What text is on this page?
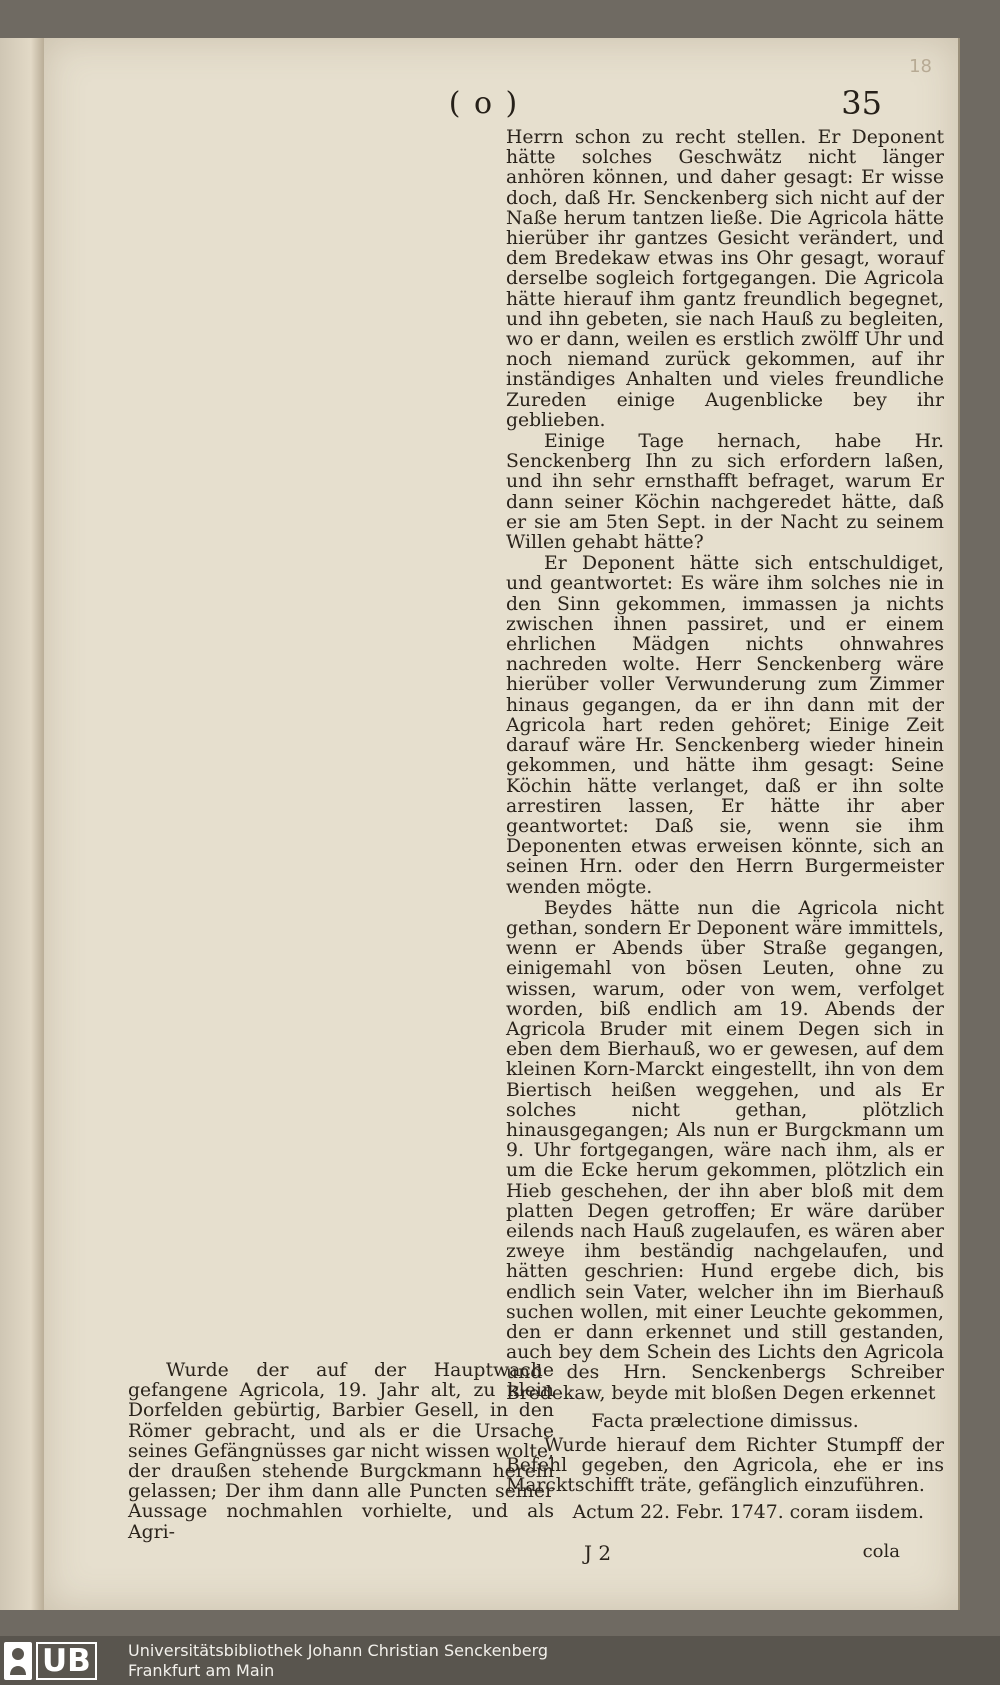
18
( o )	35

Herrn schon zu recht stellen. Er Deponent hätte solches Geschwätz nicht länger anhören können, und daher gesagt: Er wisse doch, daß Hr. Senckenberg sich nicht auf der Naße herum tantzen ließe. Die Agricola hätte hierüber ihr gantzes Gesicht verändert, und dem Bredekaw etwas ins Ohr gesagt, worauf derselbe sogleich fortgegangen. Die Agricola hätte hierauf ihm gantz freundlich begegnet, und ihn gebeten, sie nach Hauß zu begleiten, wo er dann, weilen es erstlich zwölff Uhr und noch niemand zurück gekommen, auf ihr inständiges Anhalten und vieles freundliche Zureden einige Augenblicke bey ihr geblieben.

Einige Tage hernach, habe Hr. Senckenberg Ihn zu sich erfordern laßen, und ihn sehr ernsthafft befraget, warum Er dann seiner Köchin nachgeredet hätte, daß er sie am 5ten Sept. in der Nacht zu seinem Willen gehabt hätte?

Er Deponent hätte sich entschuldiget, und geantwortet: Es wäre ihm solches nie in den Sinn gekommen, immassen ja nichts zwischen ihnen passiret, und er einem ehrlichen Mädgen nichts ohnwahres nachreden wolte. Herr Senckenberg wäre hierüber voller Verwunderung zum Zimmer hinaus gegangen, da er ihn dann mit der Agricola hart reden gehöret; Einige Zeit darauf wäre Hr. Senckenberg wieder hinein gekommen, und hätte ihm gesagt: Seine Köchin hätte verlanget, daß er ihn solte arrestiren lassen, Er hätte ihr aber geantwortet: Daß sie, wenn sie ihm Deponenten etwas erweisen könnte, sich an seinen Hrn. oder den Herrn Burgermeister wenden mögte.

Beydes hätte nun die Agricola nicht gethan, sondern Er Deponent wäre immittels, wenn er Abends über Straße gegangen, einigemahl von bösen Leuten, ohne zu wissen, warum, oder von wem, verfolget worden, biß endlich am 19. Abends der Agricola Bruder mit einem Degen sich in eben dem Bierhauß, wo er gewesen, auf dem kleinen Korn-Marckt eingestellt, ihn von dem Biertisch heißen weggehen, und als Er solches nicht gethan, plötzlich hinausgegangen; Als nun er Burgckmann um 9. Uhr fortgegangen, wäre nach ihm, als er um die Ecke herum gekommen, plötzlich ein Hieb geschehen, der ihn aber bloß mit dem platten Degen getroffen; Er wäre darüber eilends nach Hauß zugelaufen, es wären aber zweye ihm beständig nachgelaufen, und hätten geschrien: Hund ergebe dich, bis endlich sein Vater, welcher ihn im Bierhauß suchen wollen, mit einer Leuchte gekommen, den er dann erkennet und still gestanden, auch bey dem Schein des Lichts den Agricola und des Hrn. Senckenbergs Schreiber Bredekaw, beyde mit bloßen Degen erkennet

Facta prælectione dimissus.

Wurde hierauf dem Richter Stumpff der Befehl gegeben, den Agricola, ehe er ins Marcktschifft träte, gefänglich einzuführen.

Actum 22. Febr. 1747. coram iisdem.

Wurde der auf der Hauptwache gefangene Agricola, 19. Jahr alt, zu klein Dorfelden gebürtig, Barbier Gesell, in den Römer gebracht, und als er die Ursache seines Gefängnüsses gar nicht wissen wolte, der draußen stehende Burgckmann herein gelassen; Der ihm dann alle Puncten seiner Aussage nochmahlen vorhielte, und als Agri-

J 2	cola
UB	Universitätsbibliothek Johann Christian Senckenberg
Frankfurt am Main
